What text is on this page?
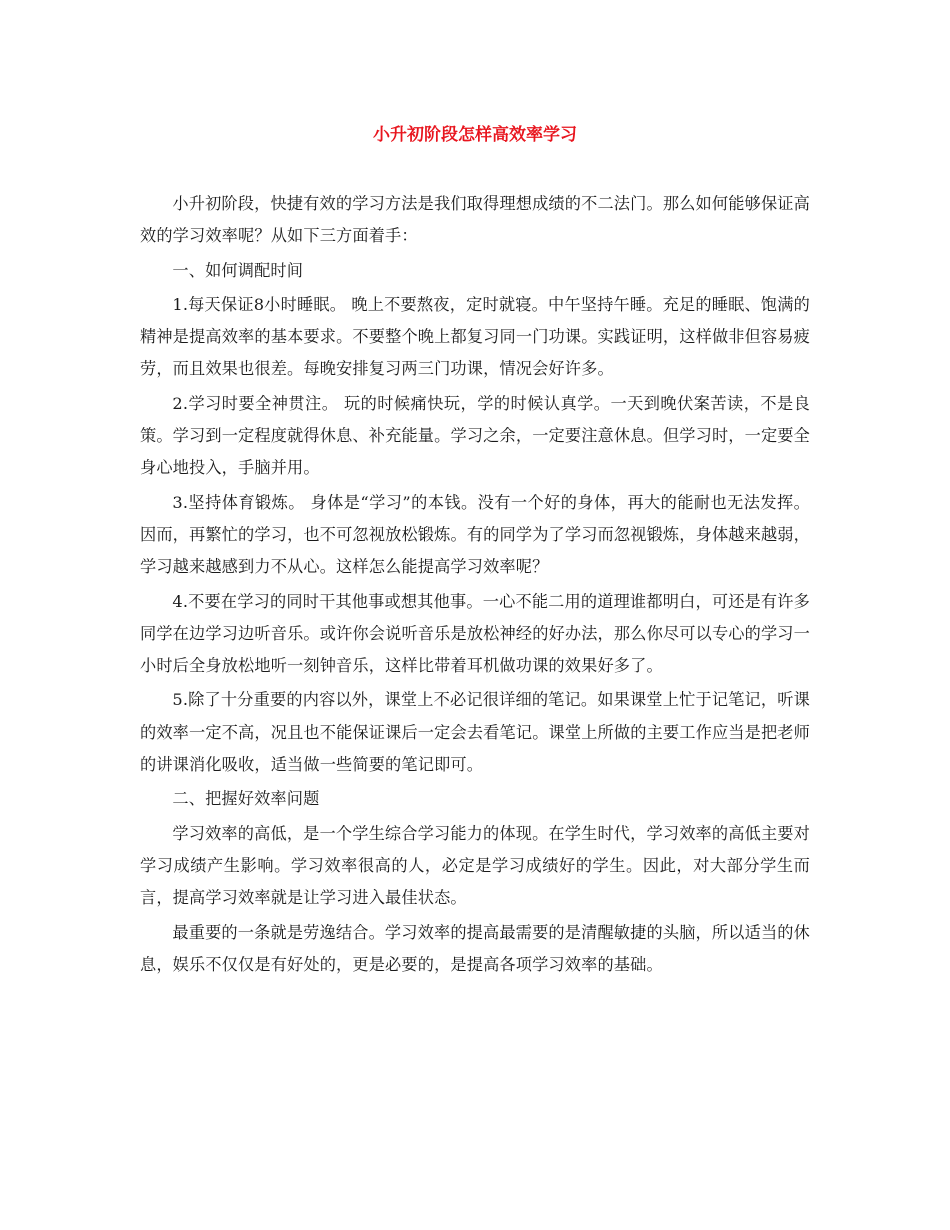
小升初阶段怎样高效率学习

小升初阶段，快捷有效的学习方法是我们取得理想成绩的不二法门。那么如何能够保证高效的学习效率呢？从如下三方面着手：

一、如何调配时间

1.每天保证8小时睡眠。 晚上不要熬夜，定时就寝。中午坚持午睡。充足的睡眠、饱满的精神是提高效率的基本要求。不要整个晚上都复习同一门功课。实践证明，这样做非但容易疲劳，而且效果也很差。每晚安排复习两三门功课，情况会好许多。

2.学习时要全神贯注。 玩的时候痛快玩，学的时候认真学。一天到晚伏案苦读，不是良策。学习到一定程度就得休息、补充能量。学习之余，一定要注意休息。但学习时，一定要全身心地投入，手脑并用。

3.坚持体育锻炼。 身体是“学习”的本钱。没有一个好的身体，再大的能耐也无法发挥。因而，再繁忙的学习，也不可忽视放松锻炼。有的同学为了学习而忽视锻炼，身体越来越弱，学习越来越感到力不从心。这样怎么能提高学习效率呢？

4.不要在学习的同时干其他事或想其他事。一心不能二用的道理谁都明白，可还是有许多同学在边学习边听音乐。或许你会说听音乐是放松神经的好办法，那么你尽可以专心的学习一小时后全身放松地听一刻钟音乐，这样比带着耳机做功课的效果好多了。

5.除了十分重要的内容以外，课堂上不必记很详细的笔记。如果课堂上忙于记笔记，听课的效率一定不高，况且也不能保证课后一定会去看笔记。课堂上所做的主要工作应当是把老师的讲课消化吸收，适当做一些简要的笔记即可。

二、把握好效率问题

学习效率的高低，是一个学生综合学习能力的体现。在学生时代，学习效率的高低主要对学习成绩产生影响。学习效率很高的人，必定是学习成绩好的学生。因此，对大部分学生而言，提高学习效率就是让学习进入最佳状态。

最重要的一条就是劳逸结合。学习效率的提高最需要的是清醒敏捷的头脑，所以适当的休息，娱乐不仅仅是有好处的，更是必要的，是提高各项学习效率的基础。
